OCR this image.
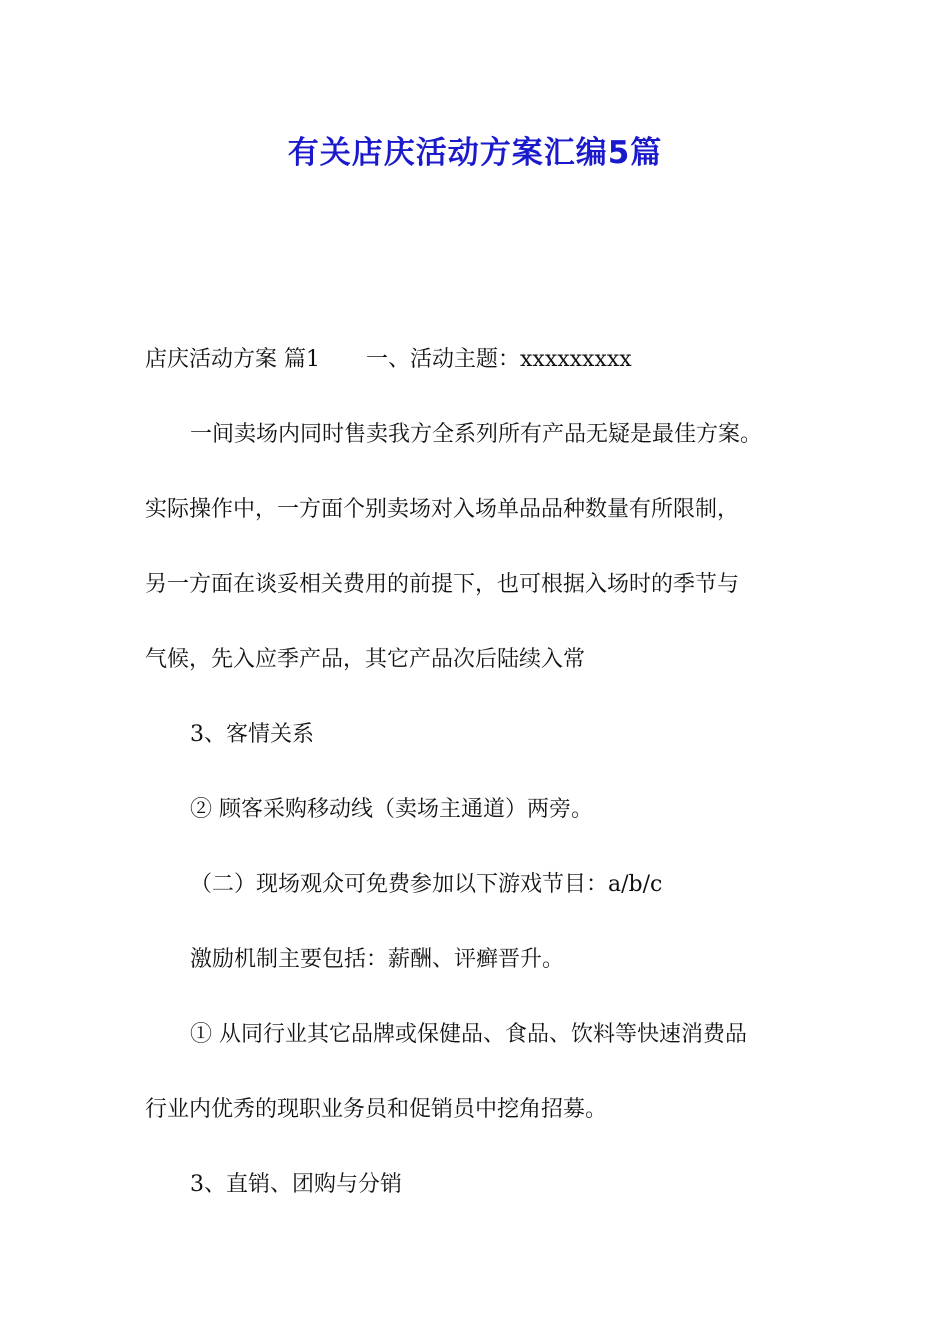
有关店庆活动方案汇编5篇
店庆活动方案 篇1 一、活动主题：xxxxxxxxx
一间卖场内同时售卖我方全系列所有产品无疑是最佳方案。
实际操作中，一方面个别卖场对入场单品品种数量有所限制，
另一方面在谈妥相关费用的前提下，也可根据入场时的季节与
气候，先入应季产品，其它产品次后陆续入常
3、客情关系
② 顾客采购移动线（卖场主通道）两旁。
（二）现场观众可免费参加以下游戏节目：a/b/c
激励机制主要包括：薪酬、评癣晋升。
① 从同行业其它品牌或保健品、食品、饮料等快速消费品
行业内优秀的现职业务员和促销员中挖角招募。
3、直销、团购与分销
